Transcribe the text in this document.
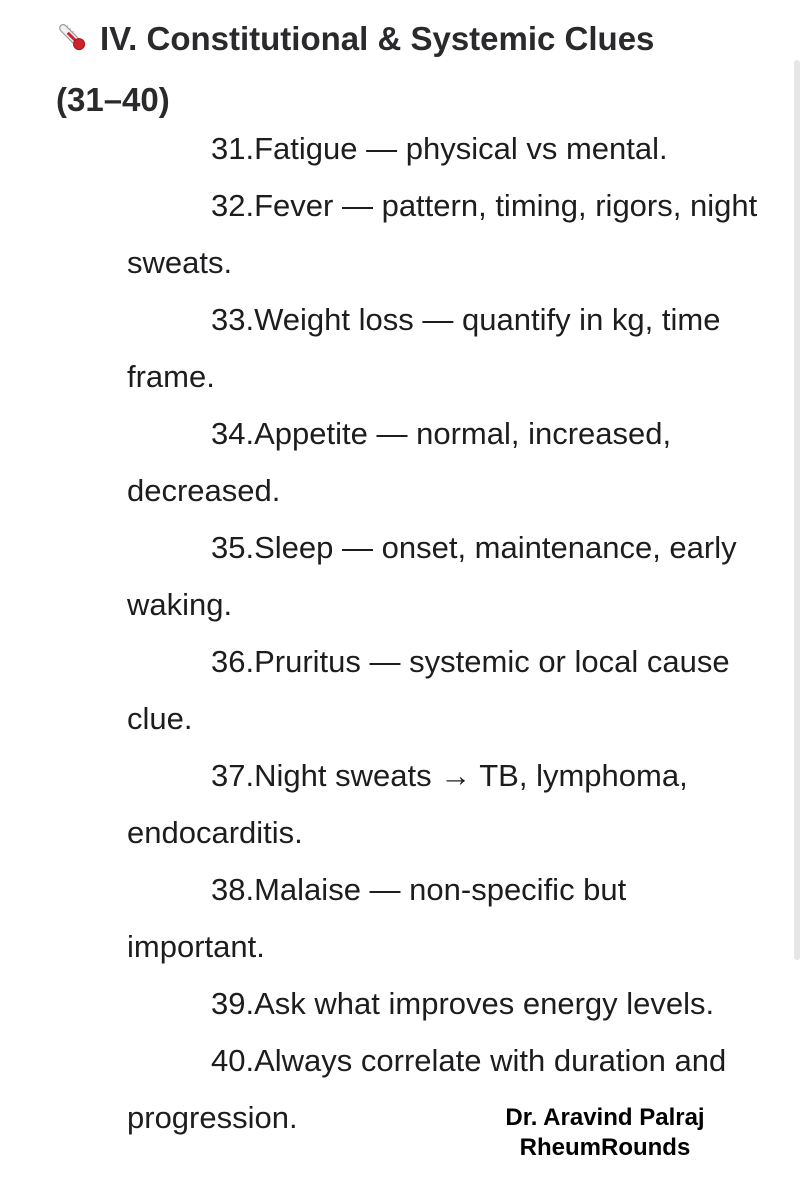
IV. Constitutional & Systemic Clues
(31–40)
31.Fatigue — physical vs mental.
32.Fever — pattern, timing, rigors, night sweats.
33.Weight loss — quantify in kg, time frame.
34.Appetite — normal, increased, decreased.
35.Sleep — onset, maintenance, early waking.
36.Pruritus — systemic or local cause clue.
37.Night sweats → TB, lymphoma, endocarditis.
38.Malaise — non-specific but important.
39.Ask what improves energy levels.
40.Always correlate with duration and progression.	Dr. Aravind Palraj
RheumRounds
